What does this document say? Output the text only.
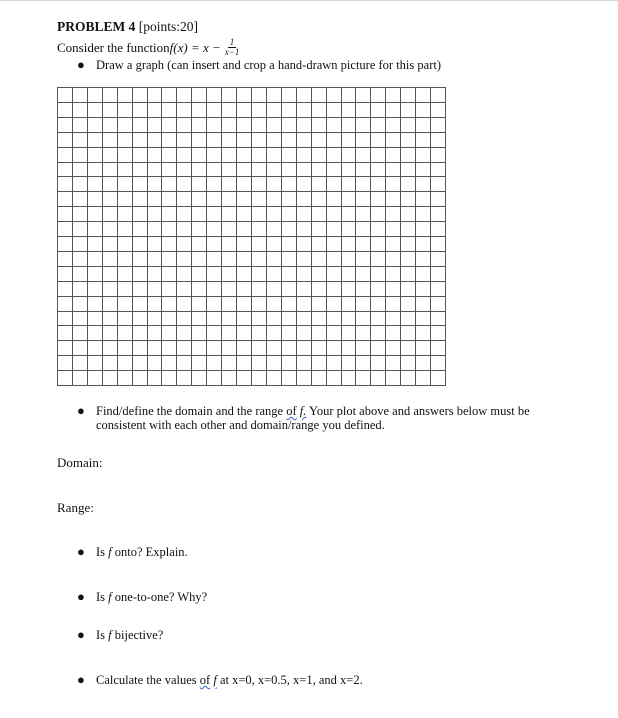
PROBLEM 4 [points:20]
Consider the function $f(x) = x - \frac{1}{x-1}$
● Draw a graph (can insert and crop a hand-drawn picture for this part)
● Find/define the domain and the range of f. Your plot above and answers below must be
consistent with each other and domain/range you defined.
Domain:
Range:
● Is f onto? Explain.
● Is f one-to-one? Why?
● Is f bijective?
● Calculate the values of f at x=0, x=0.5, x=1, and x=2.
